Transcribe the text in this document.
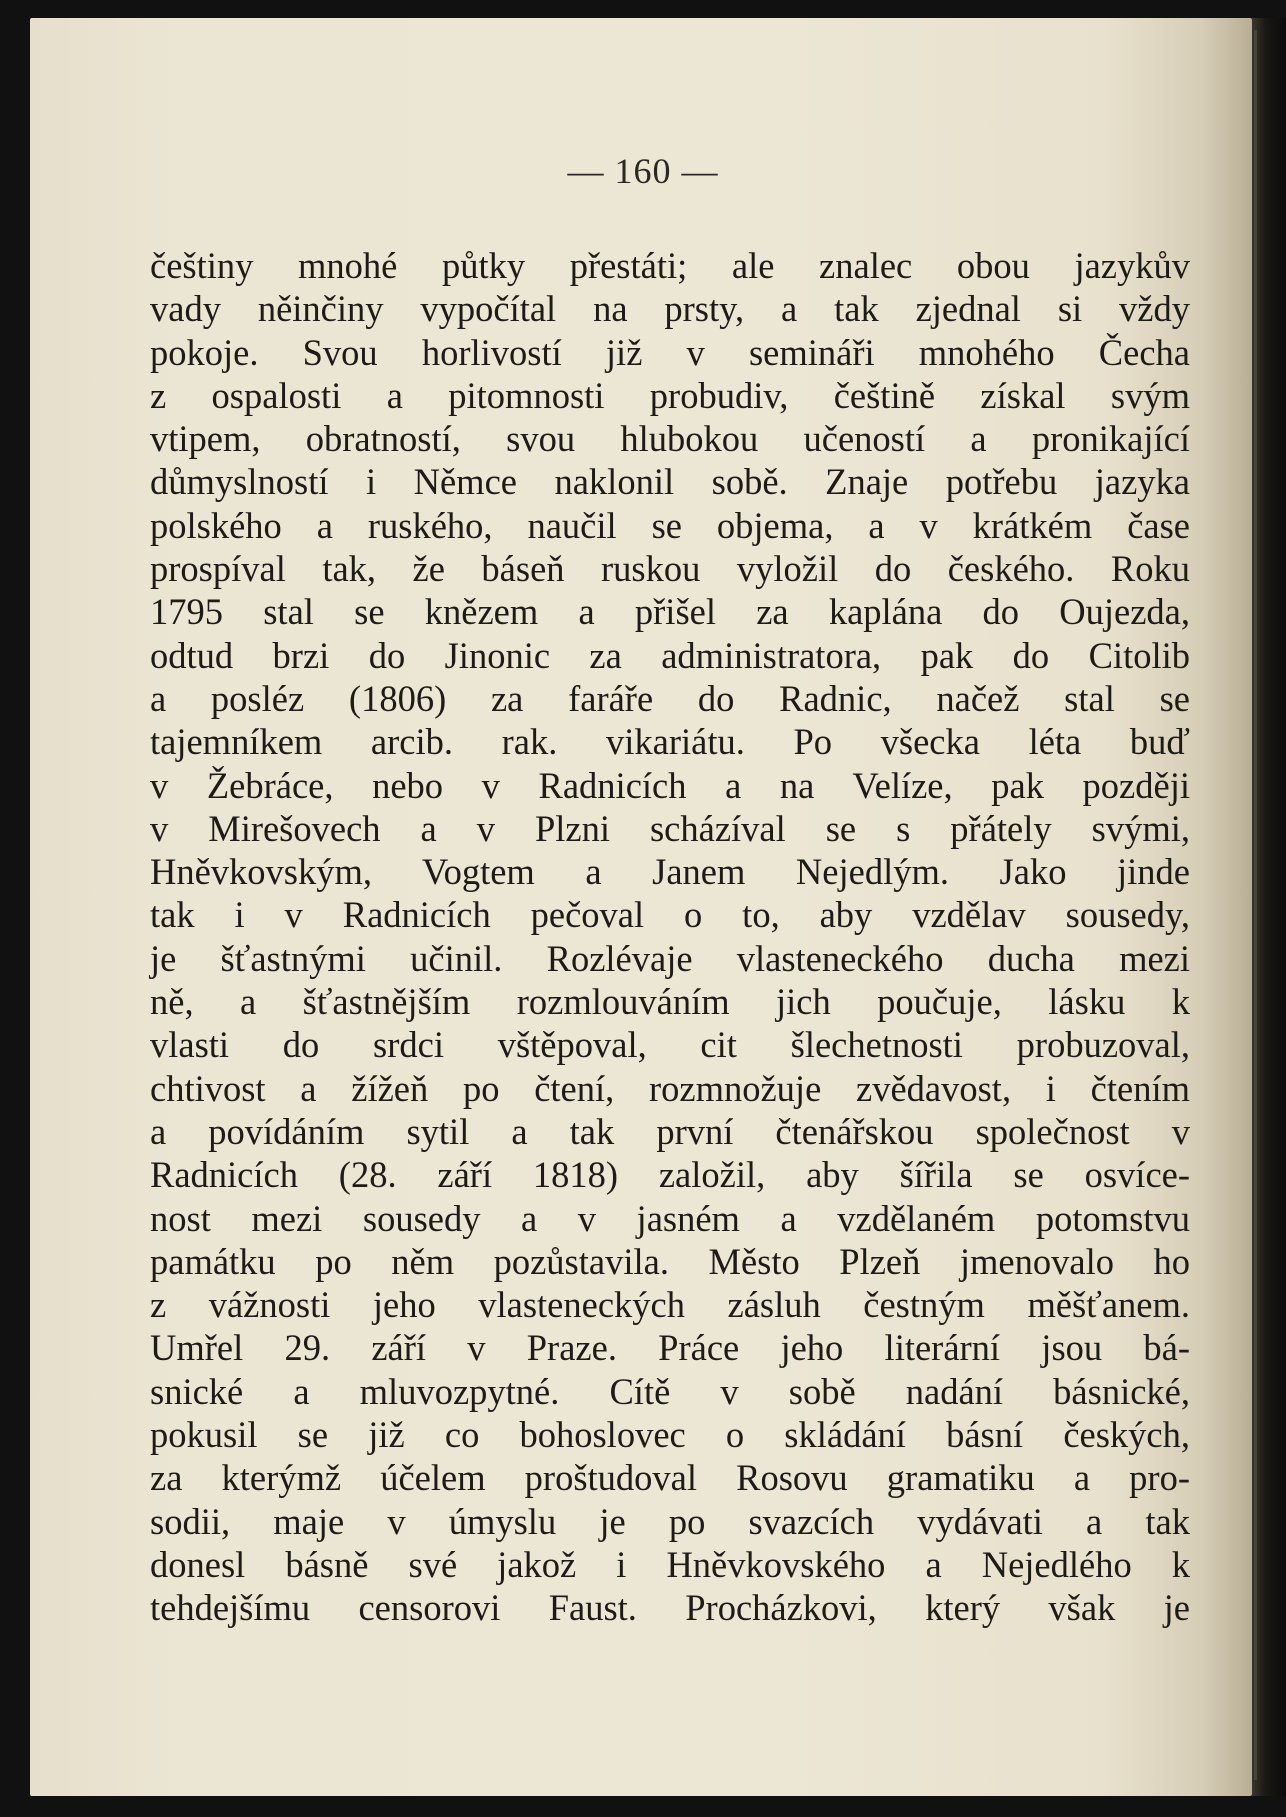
— 160 —
češtiny mnohé půtky přestáti; ale znalec obou jazykův
vady něinčiny vypočítal na prsty, a tak zjednal si vždy
pokoje. Svou horlivostí již v semináři mnohého Čecha
z ospalosti a pitomnosti probudiv, češtině získal svým
vtipem, obratností, svou hlubokou učeností a pronikající
důmyslností i Němce naklonil sobě. Znaje potřebu jazyka
polského a ruského, naučil se objema, a v krátkém čase
prospíval tak, že báseň ruskou vyložil do českého. Roku
1795 stal se knězem a přišel za kaplána do Oujezda,
odtud brzi do Jinonic za administratora, pak do Citolib
a posléz (1806) za faráře do Radnic, načež stal se
tajemníkem arcib. rak. vikariátu. Po všecka léta buď
v Žebráce, nebo v Radnicích a na Velíze, pak později
v Mirešovech a v Plzni scházíval se s přátely svými,
Hněvkovským, Vogtem a Janem Nejedlým. Jako jinde
tak i v Radnicích pečoval o to, aby vzdělav sousedy,
je šťastnými učinil. Rozlévaje vlasteneckého ducha mezi
ně, a šťastnějším rozmlouváním jich poučuje, lásku k
vlasti do srdci vštěpoval, cit šlechetnosti probuzoval,
chtivost a žížeň po čtení, rozmnožuje zvědavost, i čtením
a povídáním sytil a tak první čtenářskou společnost v
Radnicích (28. září 1818) založil, aby šířila se osvíce-
nost mezi sousedy a v jasném a vzdělaném potomstvu
památku po něm pozůstavila. Město Plzeň jmenovalo ho
z vážnosti jeho vlasteneckých zásluh čestným měšťanem.
Umřel 29. září v Praze. Práce jeho literární jsou bá-
snické a mluvozpytné. Cítě v sobě nadání básnické,
pokusil se již co bohoslovec o skládání básní českých,
za kterýmž účelem proštudoval Rosovu gramatiku a pro-
sodii, maje v úmyslu je po svazcích vydávati a tak
donesl básně své jakož i Hněvkovského a Nejedlého k
tehdejšímu censorovi Faust. Procházkovi, který však je
